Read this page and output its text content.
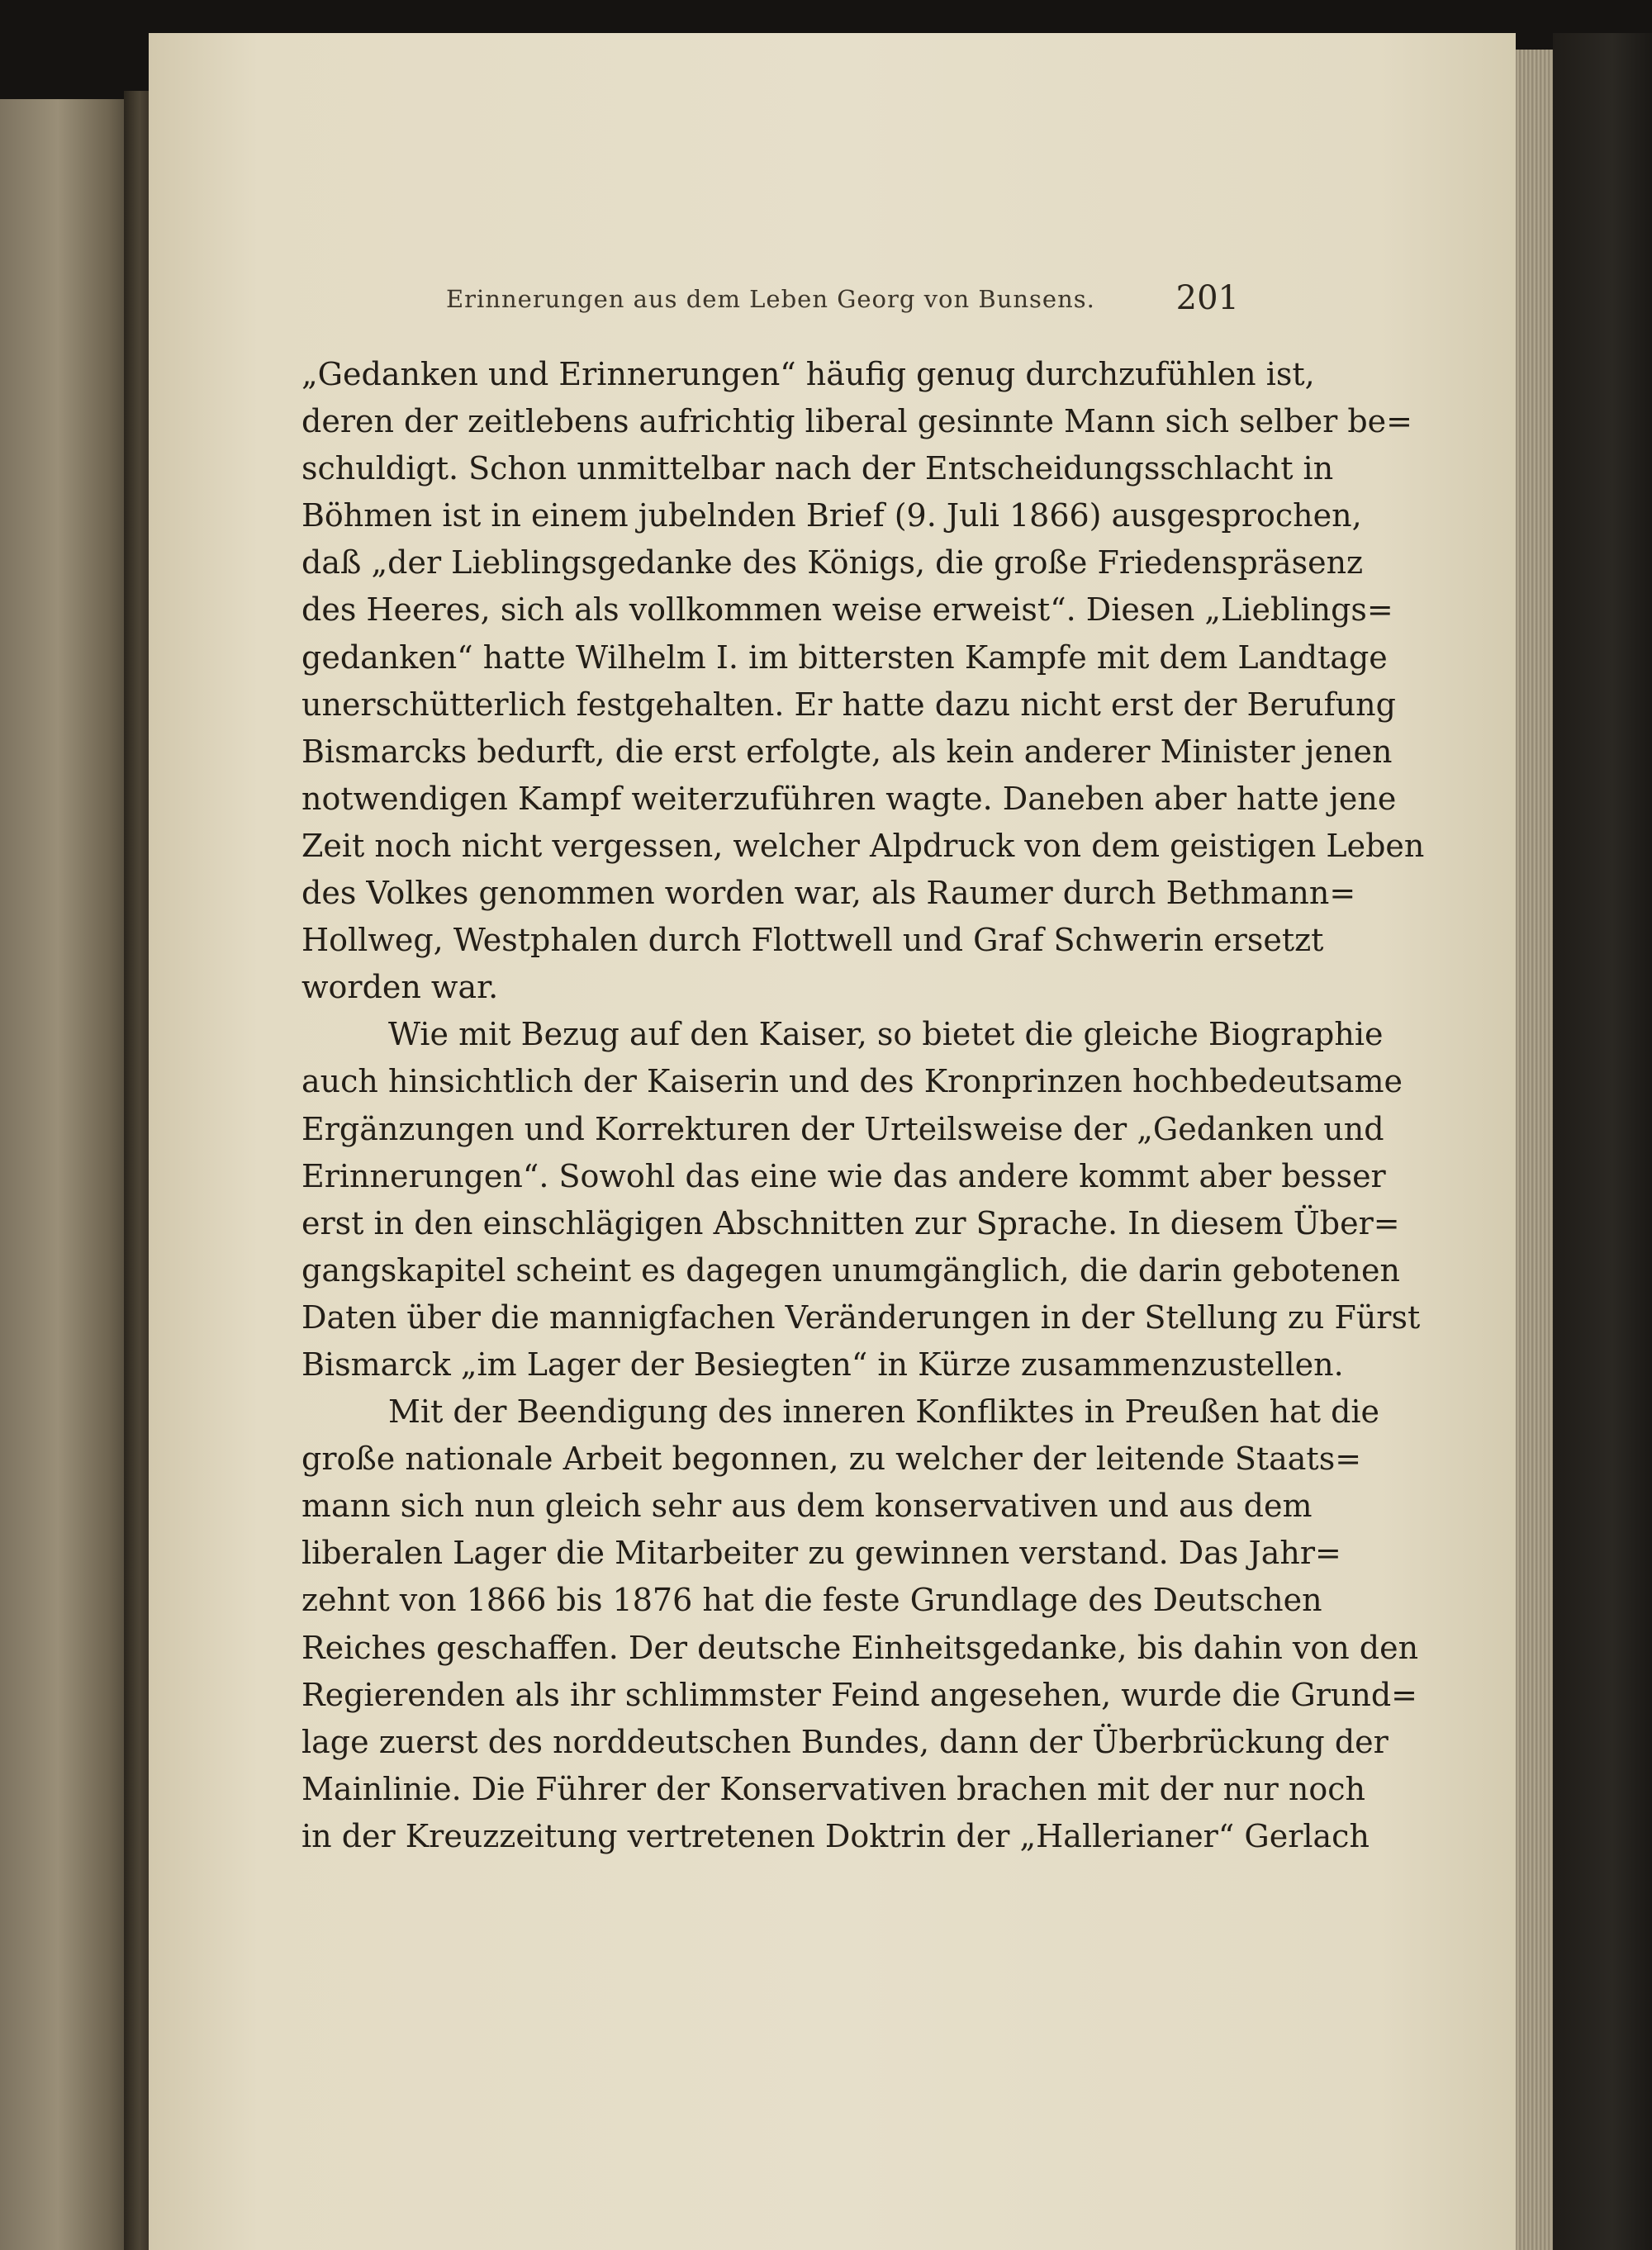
Erinnerungen aus dem Leben Georg von Bunsens.	201
„Gedanken und Erinnerungen“ häufig genug durchzufühlen ist,
deren der zeitlebens aufrichtig liberal gesinnte Mann sich selber be=
schuldigt. Schon unmittelbar nach der Entscheidungsschlacht in
Böhmen ist in einem jubelnden Brief (9. Juli 1866) ausgesprochen,
daß „der Lieblingsgedanke des Königs, die große Friedenspräsenz
des Heeres, sich als vollkommen weise erweist“. Diesen „Lieblings=
gedanken“ hatte Wilhelm I. im bittersten Kampfe mit dem Landtage
unerschütterlich festgehalten. Er hatte dazu nicht erst der Berufung
Bismarcks bedurft, die erst erfolgte, als kein anderer Minister jenen
notwendigen Kampf weiterzuführen wagte. Daneben aber hatte jene
Zeit noch nicht vergessen, welcher Alpdruck von dem geistigen Leben
des Volkes genommen worden war, als Raumer durch Bethmann=
Hollweg, Westphalen durch Flottwell und Graf Schwerin ersetzt
worden war.
Wie mit Bezug auf den Kaiser, so bietet die gleiche Biographie
auch hinsichtlich der Kaiserin und des Kronprinzen hochbedeutsame
Ergänzungen und Korrekturen der Urteilsweise der „Gedanken und
Erinnerungen“. Sowohl das eine wie das andere kommt aber besser
erst in den einschlägigen Abschnitten zur Sprache. In diesem Über=
gangskapitel scheint es dagegen unumgänglich, die darin gebotenen
Daten über die mannigfachen Veränderungen in der Stellung zu Fürst
Bismarck „im Lager der Besiegten“ in Kürze zusammenzustellen.
Mit der Beendigung des inneren Konfliktes in Preußen hat die
große nationale Arbeit begonnen, zu welcher der leitende Staats=
mann sich nun gleich sehr aus dem konservativen und aus dem
liberalen Lager die Mitarbeiter zu gewinnen verstand. Das Jahr=
zehnt von 1866 bis 1876 hat die feste Grundlage des Deutschen
Reiches geschaffen. Der deutsche Einheitsgedanke, bis dahin von den
Regierenden als ihr schlimmster Feind angesehen, wurde die Grund=
lage zuerst des norddeutschen Bundes, dann der Überbrückung der
Mainlinie. Die Führer der Konservativen brachen mit der nur noch
in der Kreuzzeitung vertretenen Doktrin der „Hallerianer“ Gerlach
